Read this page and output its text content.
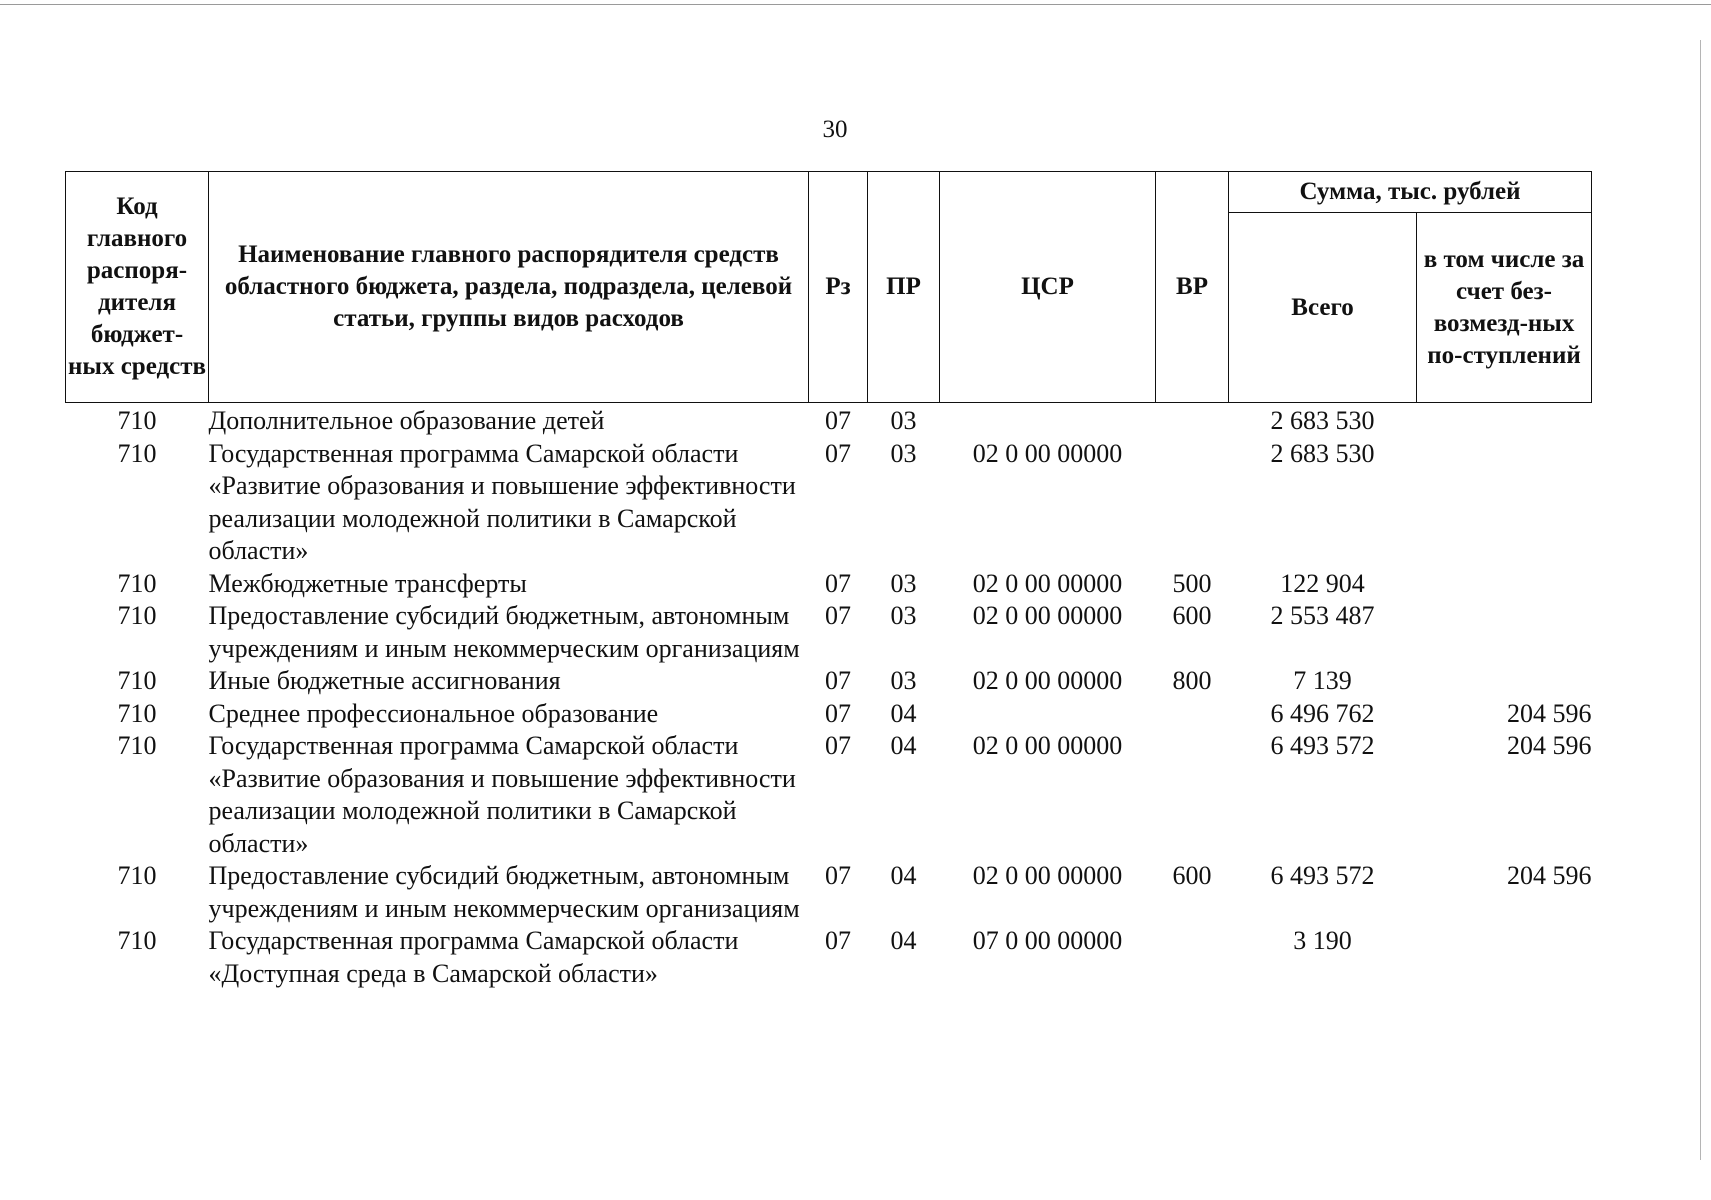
30
Код главного распоря-дителя бюджет-ных средств	Наименование главного распорядителя средств областного бюджета, раздела, подраздела, целевой статьи, группы видов расходов	Рз	ПР	ЦСР	ВР	Сумма, тыс. рублей	
						Всего	в том числе за счет без-возмезд-ных по-ступлений
710	Дополнительное образование детей	07	03			2 683 530	
710	Государственная программа Самарской области «Развитие образования и повышение эффективности реализации молодежной политики в Самарской области»	07	03	02 0 00 00000		2 683 530	
710	Межбюджетные трансферты	07	03	02 0 00 00000	500	122 904	
710	Предоставление субсидий бюджетным, автономным учреждениям и иным некоммерческим организациям	07	03	02 0 00 00000	600	2 553 487	
710	Иные бюджетные ассигнования	07	03	02 0 00 00000	800	7 139	
710	Среднее профессиональное образование	07	04			6 496 762	204 596
710	Государственная программа Самарской области «Развитие образования и повышение эффективности реализации молодежной политики в Самарской области»	07	04	02 0 00 00000		6 493 572	204 596
710	Предоставление субсидий бюджетным, автономным учреждениям и иным некоммерческим организациям	07	04	02 0 00 00000	600	6 493 572	204 596
710	Государственная программа Самарской области «Доступная среда в Самарской области»	07	04	07 0 00 00000		3 190	
